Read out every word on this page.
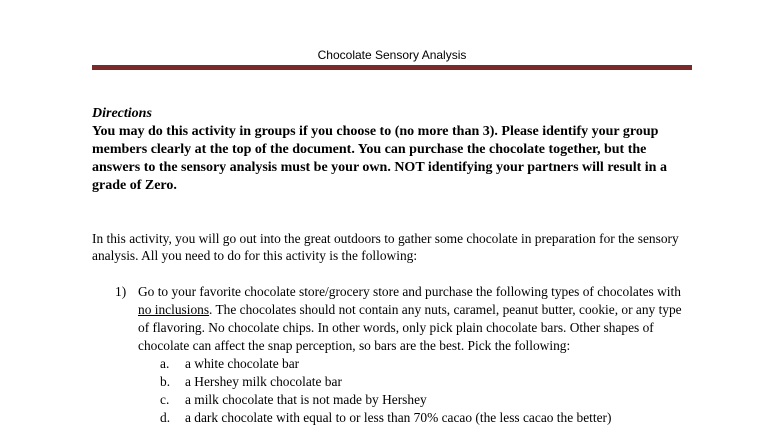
Chocolate Sensory Analysis
Directions
You may do this activity in groups if you choose to (no more than 3). Please identify your group members clearly at the top of the document. You can purchase the chocolate together, but the answers to the sensory analysis must be your own. NOT identifying your partners will result in a grade of Zero.
In this activity, you will go out into the great outdoors to gather some chocolate in preparation for the sensory analysis. All you need to do for this activity is the following:
1) Go to your favorite chocolate store/grocery store and purchase the following types of chocolates with no inclusions. The chocolates should not contain any nuts, caramel, peanut butter, cookie, or any type of flavoring. No chocolate chips. In other words, only pick plain chocolate bars. Other shapes of chocolate can affect the snap perception, so bars are the best. Pick the following:
a. a white chocolate bar
b. a Hershey milk chocolate bar
c. a milk chocolate that is not made by Hershey
d. a dark chocolate with equal to or less than 70% cacao (the less cacao the better)
